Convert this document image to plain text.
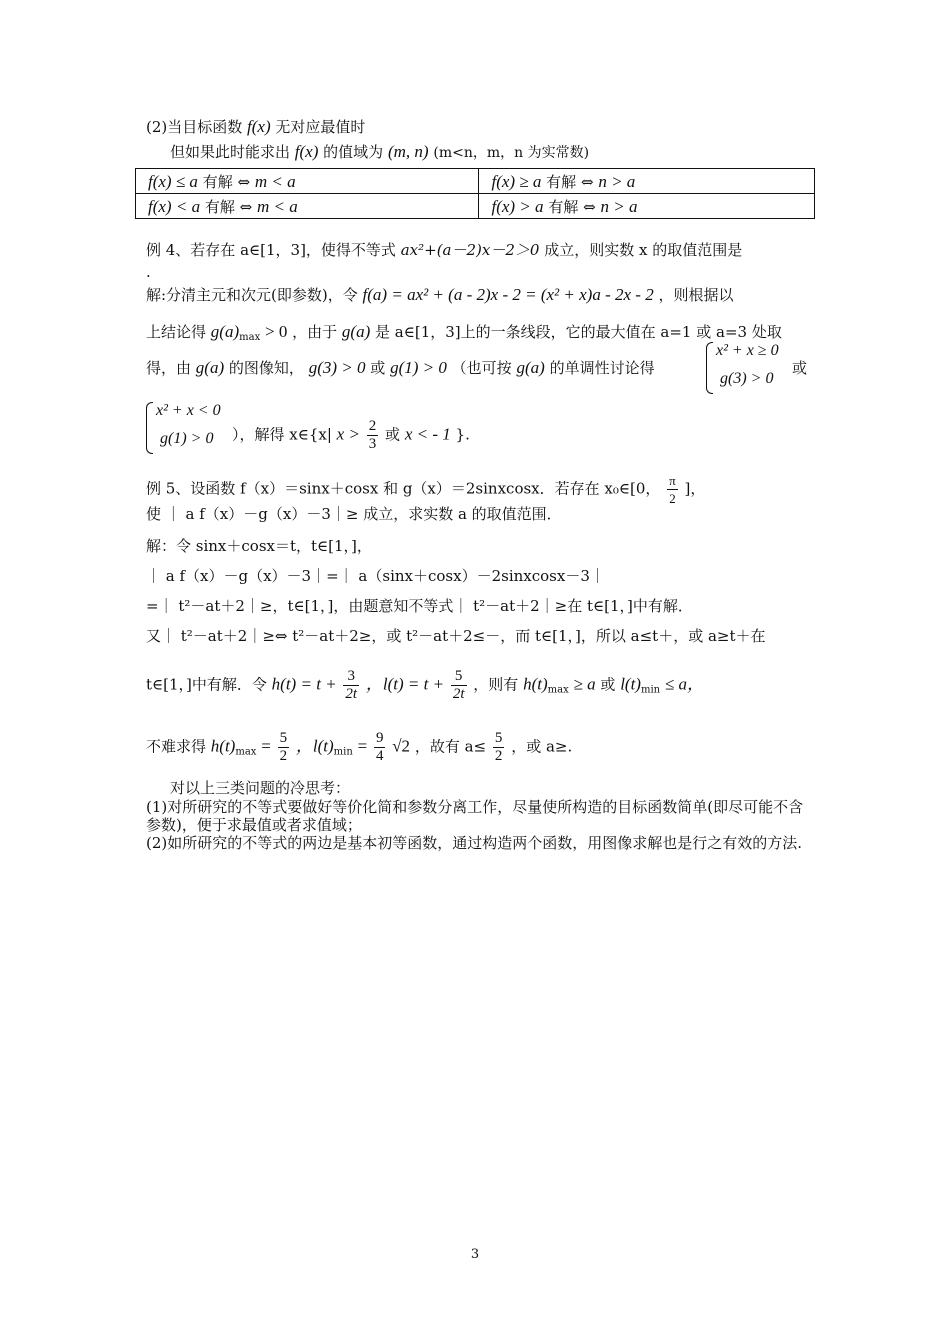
(2)当目标函数 f(x) 无对应最值时
但如果此时能求出 f(x) 的值域为 (m, n) (m<n，m，n 为实常数)
f(x) ≤ a 有解 ⇔ m < a	f(x) ≥ a 有解 ⇔ n > a
f(x) < a 有解 ⇔ m < a	f(x) > a 有解 ⇔ n > a
例 4、若存在 a∈[1，3]，使得不等式 ax²+(a－2)x－2＞0 成立，则实数 x 的取值范围是
.
解:分清主元和次元(即参数)，令 f(a) = ax² + (a - 2)x - 2 = (x² + x)a - 2x - 2 ，则根据以
上结论得 $g(a)_{max} > 0$ ，由于 g(a) 是 a∈[1，3]上的一条线段，它的最大值在 a=1 或 a=3 处取
得，由 g(a) 的图像知， g(3) > 0 或 g(1) > 0 （也可按 g(a) 的单调性讨论得
x² + x ≥ 0
g(3) > 0
或
x² + x < 0
g(1) > 0 ），解得 x∈{x| $x > \frac{2}{3}$ 或 x < - 1 }.
例 5、设函数 f（x）＝sinx＋cosx 和 g（x）＝2sinxcosx．若存在 x₀∈[0， $\frac{\pi}{2}$ ]，
使 ｜ a f（x）－g（x）－3｜≥ 成立，求实数 a 的取值范围．
解：令 sinx＋cosx＝t，t∈[1，]，
｜ a f（x）－g（x）－3｜=｜ a（sinx＋cosx）－2sinxcosx－3｜
=｜ t²－at＋2｜≥，t∈[1，]，由题意知不等式｜ t²－at＋2｜≥在 t∈[1，]中有解．
又｜ t²－at＋2｜≥⇔ t²－at＋2≥，或 t²－at＋2≤－，而 t∈[1，]，所以 a≤t＋，或 a≥t＋在
t∈[1，]中有解．令 $h(t) = t + \frac{3}{2t}$ ，$l(t) = t + \frac{5}{2t}$ ，则有 $h(t)_{max} \ge a$ 或 $l(t)_{min} \le a$，
不难求得 $h(t)_{max} = \frac{5}{2}$ ，$l(t)_{min} = \frac{9}{4} √2$ ，故有 $a\le \frac{5}{2}$ ，或 a≥.
对以上三类问题的冷思考：
(1)对所研究的不等式要做好等价化简和参数分离工作，尽量使所构造的目标函数简单(即尽可能不含参数)，便于求最值或者求值域；
(2)如所研究的不等式的两边是基本初等函数，通过构造两个函数，用图像求解也是行之有效的方法.
3
